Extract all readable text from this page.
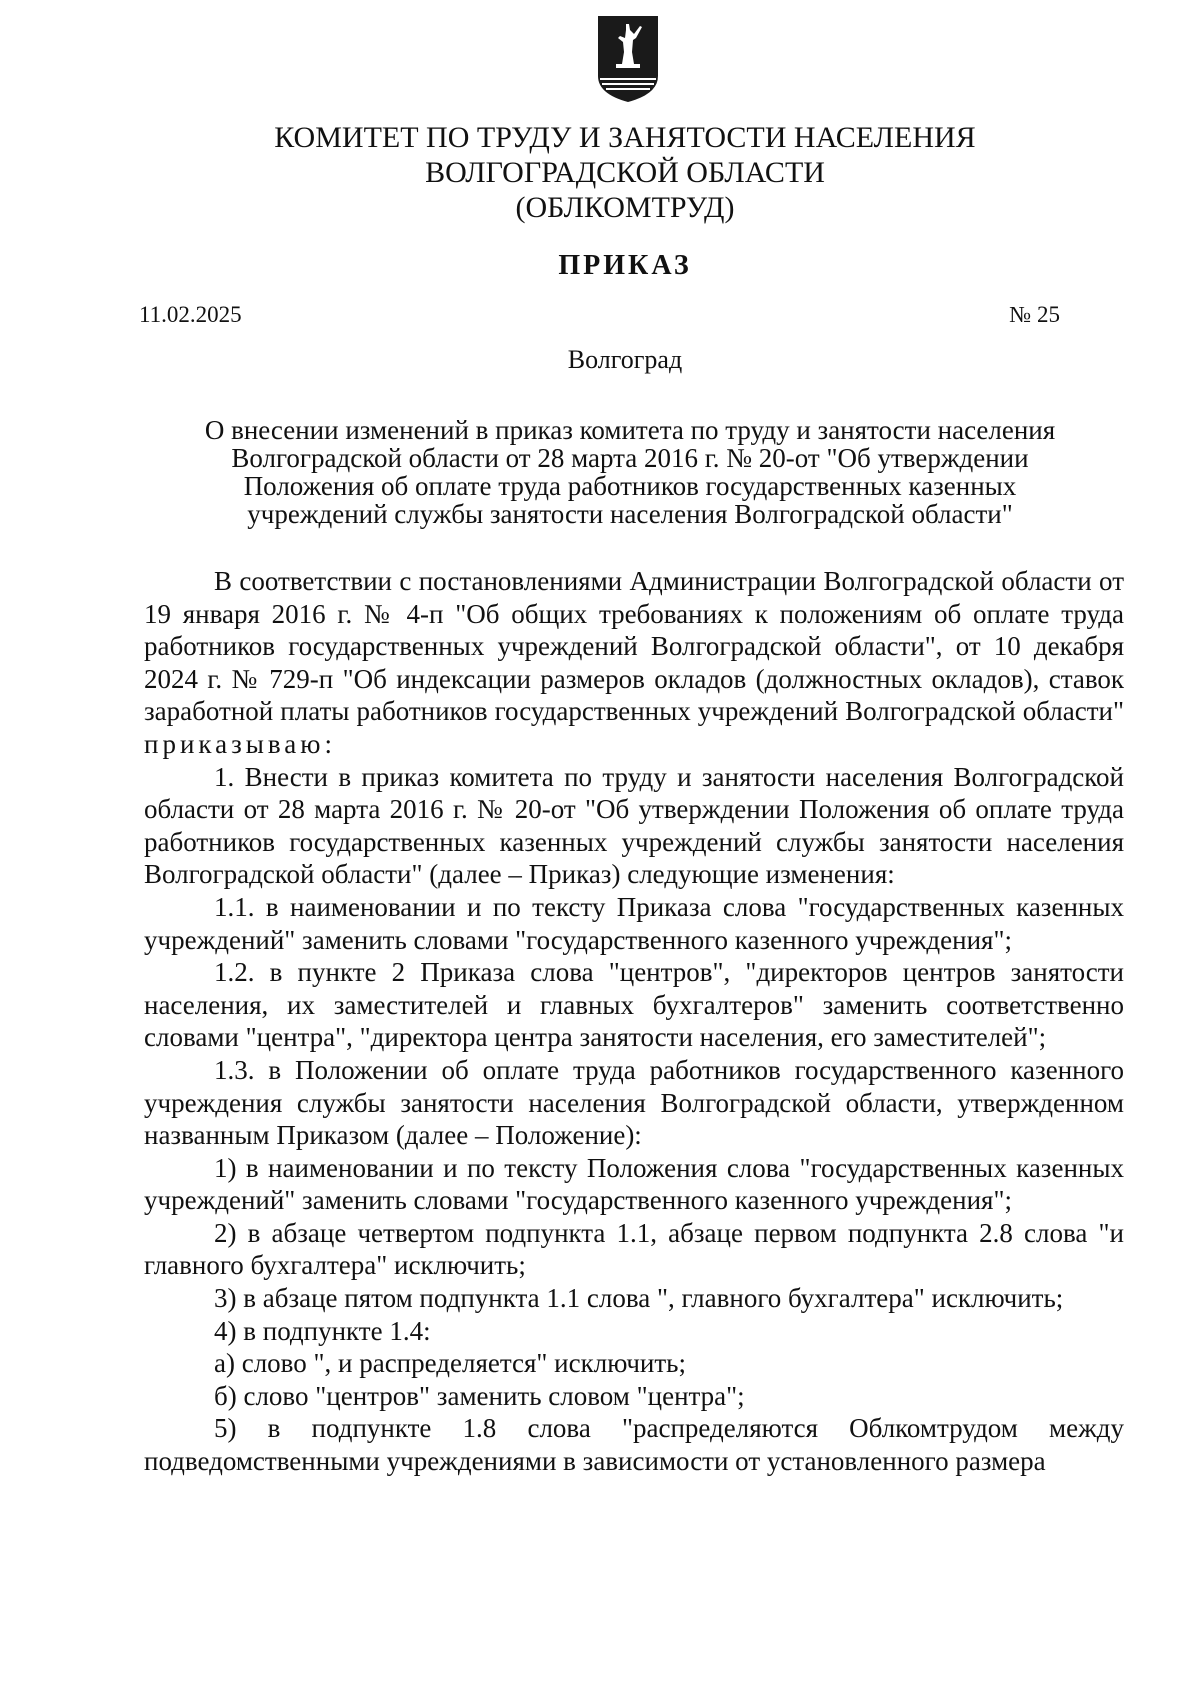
КОМИТЕТ ПО ТРУДУ И ЗАНЯТОСТИ НАСЕЛЕНИЯ
ВОЛГОГРАДСКОЙ ОБЛАСТИ
(ОБЛКОМТРУД)
ПРИКАЗ
11.02.2025	№ 25
Волгоград
О внесении изменений в приказ комитета по труду и занятости населения
Волгоградской области от 28 марта 2016 г. № 20-от "Об утверждении
Положения об оплате труда работников государственных казенных
учреждений службы занятости населения Волгоградской области"

В соответствии с постановлениями Администрации Волгоградской области от 19 января 2016 г. № 4-п "Об общих требованиях к положениям об оплате труда работников государственных учреждений Волгоградской области", от 10 декабря 2024 г. № 729-п "Об индексации размеров окладов (должностных окладов), ставок заработной платы работников государственных учреждений Волгоградской области" приказываю:

1. Внести в приказ комитета по труду и занятости населения Волгоградской области от 28 марта 2016 г. № 20-от "Об утверждении Положения об оплате труда работников государственных казенных учреждений службы занятости населения Волгоградской области" (далее – Приказ) следующие изменения:

1.1. в наименовании и по тексту Приказа слова "государственных казенных учреждений" заменить словами "государственного казенного учреждения";

1.2. в пункте 2 Приказа слова "центров", "директоров центров занятости населения, их заместителей и главных бухгалтеров" заменить соответственно словами "центра", "директора центра занятости населения, его заместителей";

1.3. в Положении об оплате труда работников государственного казенного учреждения службы занятости населения Волгоградской области, утвержденном названным Приказом (далее – Положение):

1) в наименовании и по тексту Положения слова "государственных казенных учреждений" заменить словами "государственного казенного учреждения";

2) в абзаце четвертом подпункта 1.1, абзаце первом подпункта 2.8 слова "и главного бухгалтера" исключить;

3) в абзаце пятом подпункта 1.1 слова ", главного бухгалтера" исключить;

4) в подпункте 1.4:

а) слово ", и распределяется" исключить;

б) слово "центров" заменить словом "центра";

5) в подпункте 1.8 слова "распределяются Облкомтрудом между подведомственными учреждениями в зависимости от установленного размера
